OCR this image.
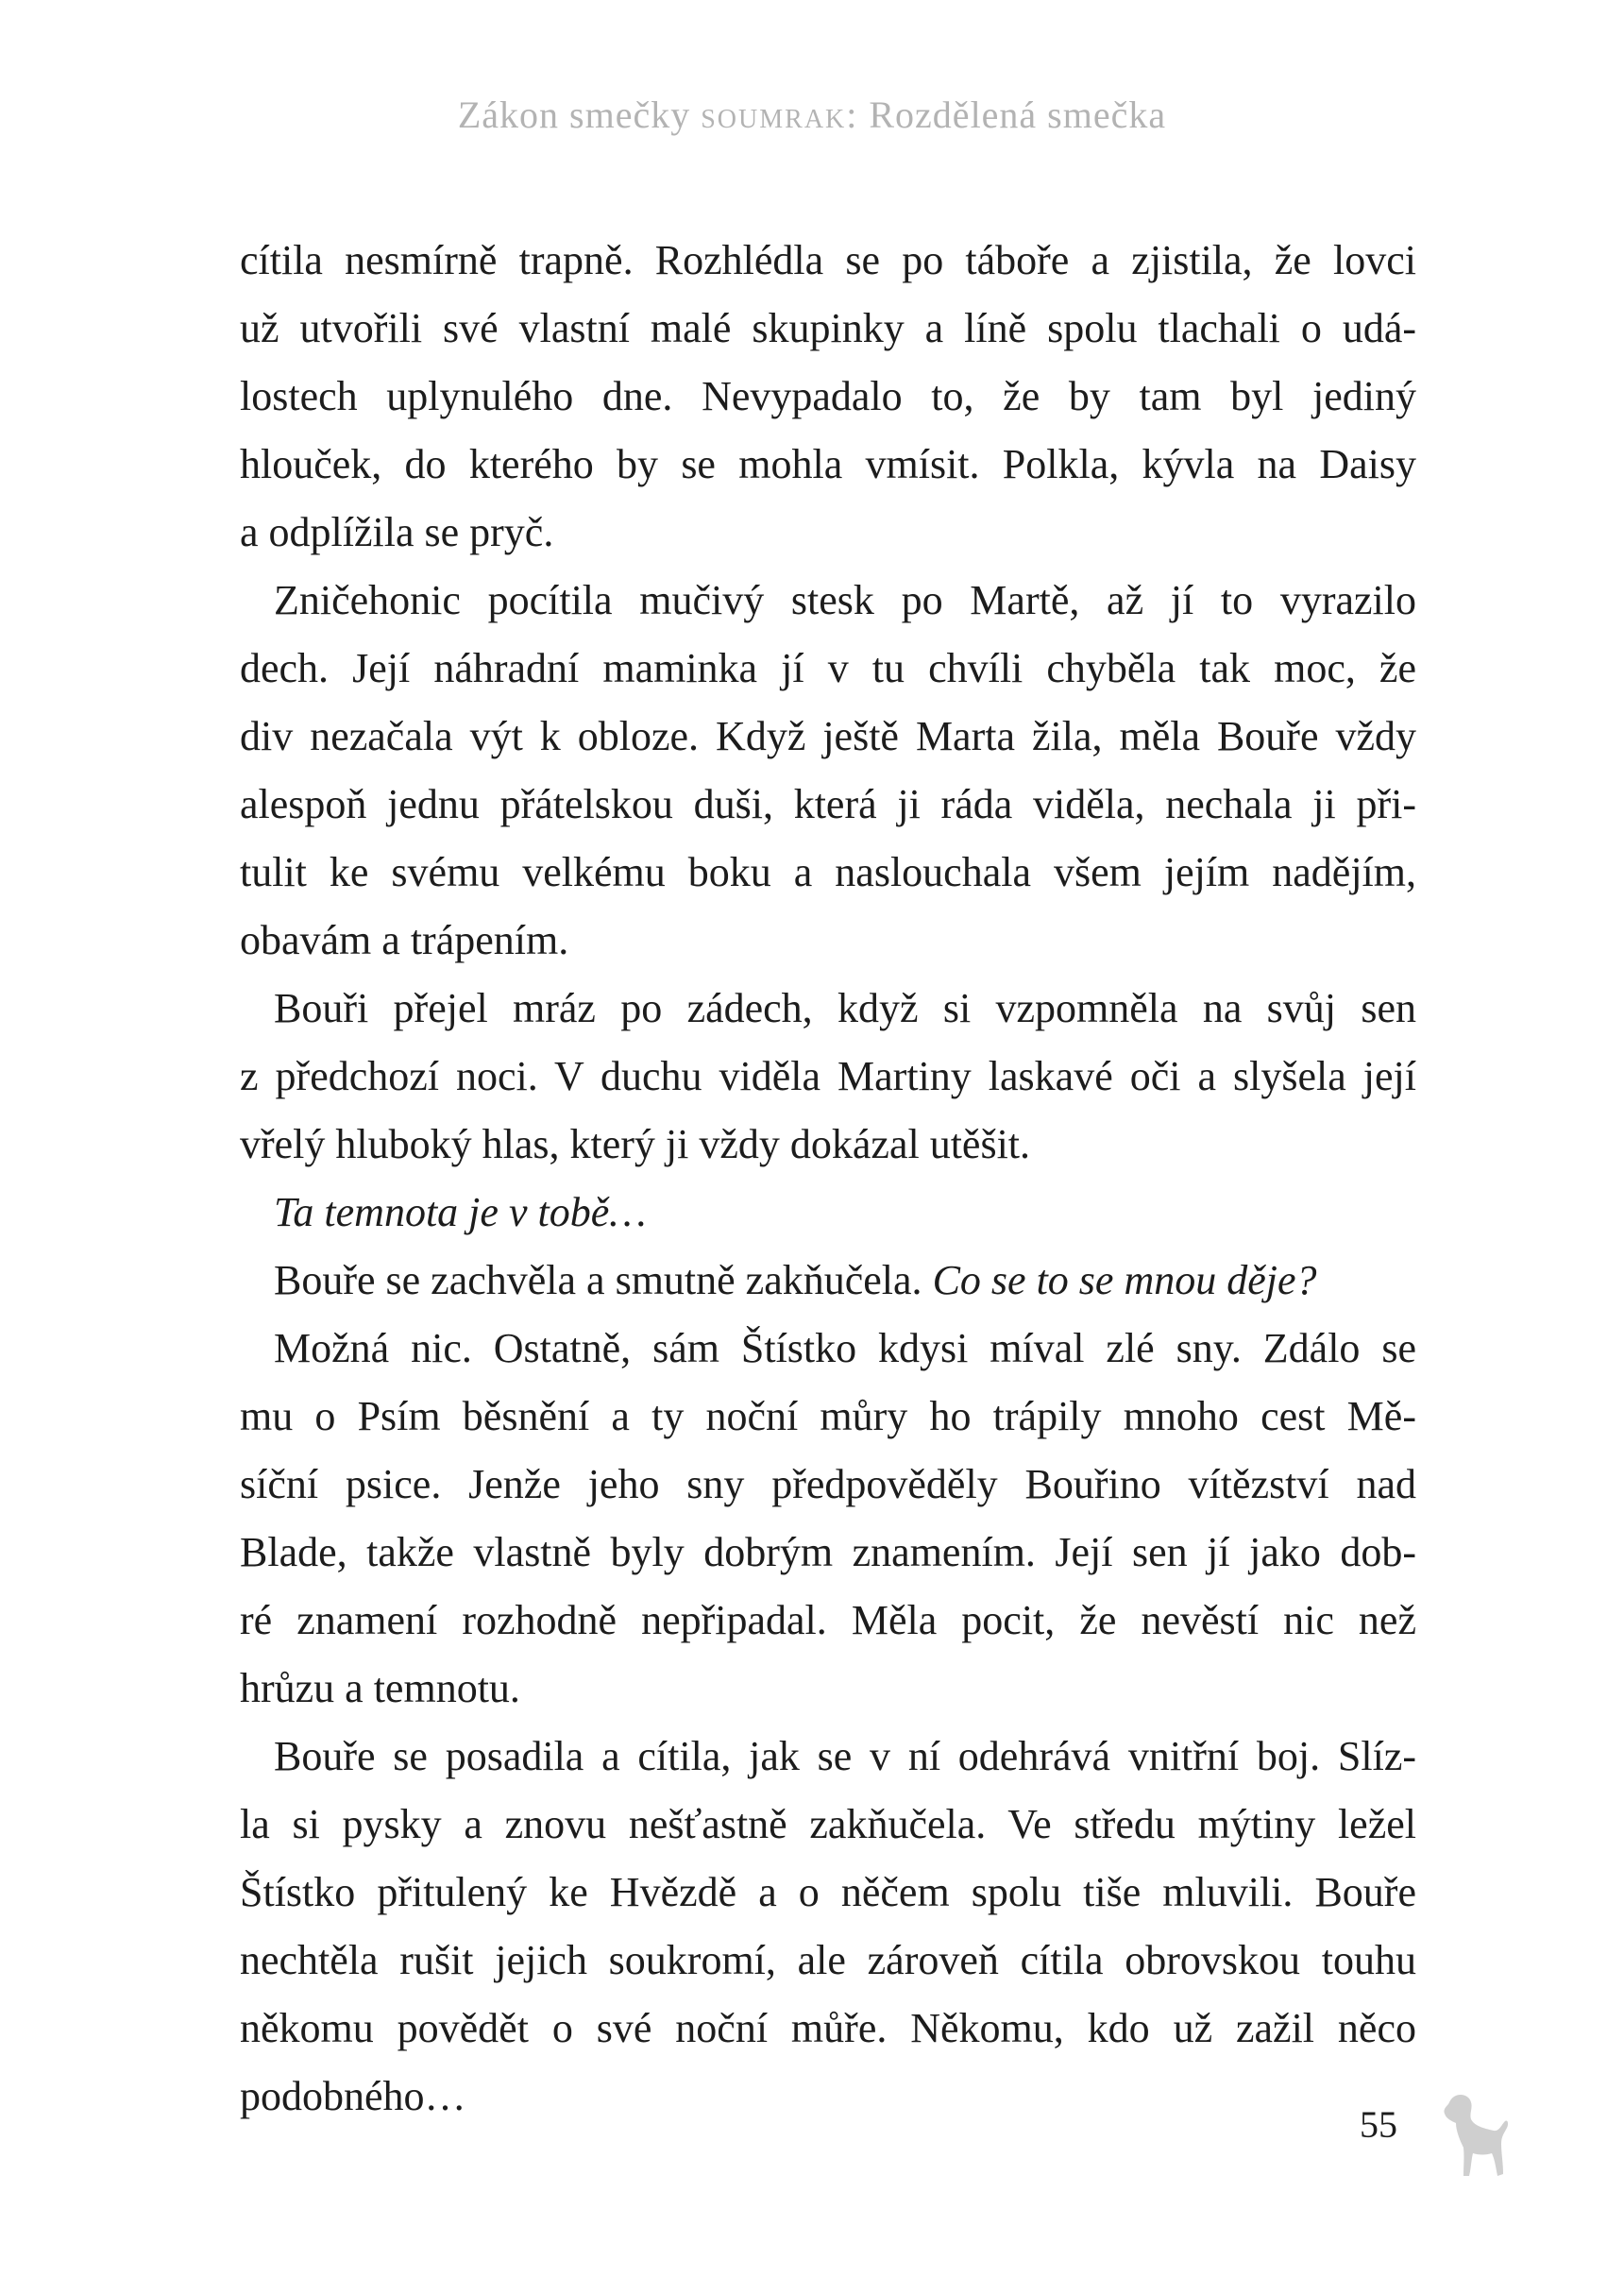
Zákon smečky soumrak: Rozdělená smečka

cítila nesmírně trapně. Rozhlédla se po táboře a zjistila, že lovci
už utvořili své vlastní malé skupinky a líně spolu tlachali o udá-
lostech uplynulého dne. Nevypadalo to, že by tam byl jediný
hlouček, do kterého by se mohla vmísit. Polkla, kývla na Daisy
a odplížila se pryč.

Zničehonic pocítila mučivý stesk po Martě, až jí to vyrazilo
dech. Její náhradní maminka jí v tu chvíli chyběla tak moc, že
div nezačala výt k obloze. Když ještě Marta žila, měla Bouře vždy
alespoň jednu přátelskou duši, která ji ráda viděla, nechala ji při-
tulit ke svému velkému boku a naslouchala všem jejím nadějím,
obavám a trápením.

Bouři přejel mráz po zádech, když si vzpomněla na svůj sen
z předchozí noci. V duchu viděla Martiny laskavé oči a slyšela její
vřelý hluboký hlas, který ji vždy dokázal utěšit.

Ta temnota je v tobě…

Bouře se zachvěla a smutně zakňučela. Co se to se mnou děje?

Možná nic. Ostatně, sám Štístko kdysi míval zlé sny. Zdálo se
mu o Psím běsnění a ty noční můry ho trápily mnoho cest Mě-
síční psice. Jenže jeho sny předpověděly Bouřino vítězství nad
Blade, takže vlastně byly dobrým znamením. Její sen jí jako dob-
ré znamení rozhodně nepřipadal. Měla pocit, že nevěstí nic než
hrůzu a temnotu.

Bouře se posadila a cítila, jak se v ní odehrává vnitřní boj. Slíz-
la si pysky a znovu nešťastně zakňučela. Ve středu mýtiny ležel
Štístko přitulený ke Hvězdě a o něčem spolu tiše mluvili. Bouře
nechtěla rušit jejich soukromí, ale zároveň cítila obrovskou touhu
někomu povědět o své noční můře. Někomu, kdo už zažil něco
podobného…

55
